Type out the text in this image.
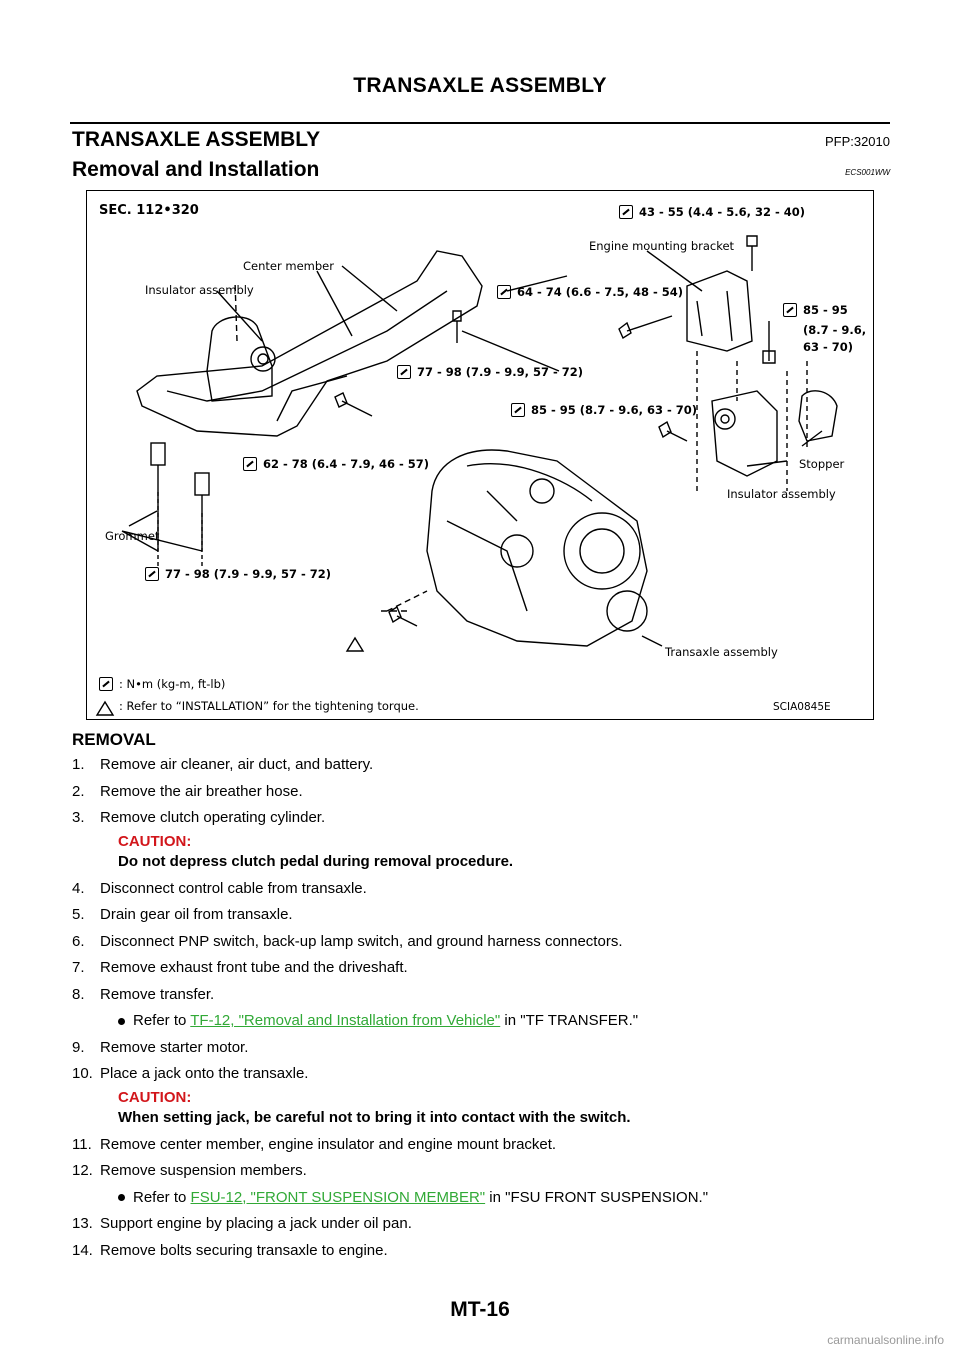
TRANSAXLE ASSEMBLY
TRANSAXLE ASSEMBLY	PFP:32010
Removal and Installation	ECS001WW
SEC. 112•320
Center member
Insulator assembly
Engine mounting bracket
Stopper
Insulator assembly
Grommet
Transaxle assembly
43 - 55 (4.4 - 5.6, 32 - 40)
64 - 74 (6.6 - 7.5, 48 - 54)
85 - 95
(8.7 - 9.6,
63 - 70)
77 - 98 (7.9 - 9.9, 57 - 72)
85 - 95 (8.7 - 9.6, 63 - 70)
62 - 78 (6.4 - 7.9, 46 - 57)
77 - 98 (7.9 - 9.9, 57 - 72)
: N•m (kg-m, ft-lb)
: Refer to “INSTALLATION” for the tightening torque.	SCIA0845E
REMOVAL
1. Remove air cleaner, air duct, and battery.
2. Remove the air breather hose.
3. Remove clutch operating cylinder.
CAUTION:
Do not depress clutch pedal during removal procedure.
4. Disconnect control cable from transaxle.
5. Drain gear oil from transaxle.
6. Disconnect PNP switch, back-up lamp switch, and ground harness connectors.
7. Remove exhaust front tube and the driveshaft.
8. Remove transfer.
Refer to TF-12, "Removal and Installation from Vehicle" in "TF TRANSFER."
9. Remove starter motor.
10. Place a jack onto the transaxle.
CAUTION:
When setting jack, be careful not to bring it into contact with the switch.
11. Remove center member, engine insulator and engine mount bracket.
12. Remove suspension members.
Refer to FSU-12, "FRONT SUSPENSION MEMBER" in "FSU FRONT SUSPENSION."
13. Support engine by placing a jack under oil pan.
14. Remove bolts securing transaxle to engine.
MT-16
carmanualsonline.info
